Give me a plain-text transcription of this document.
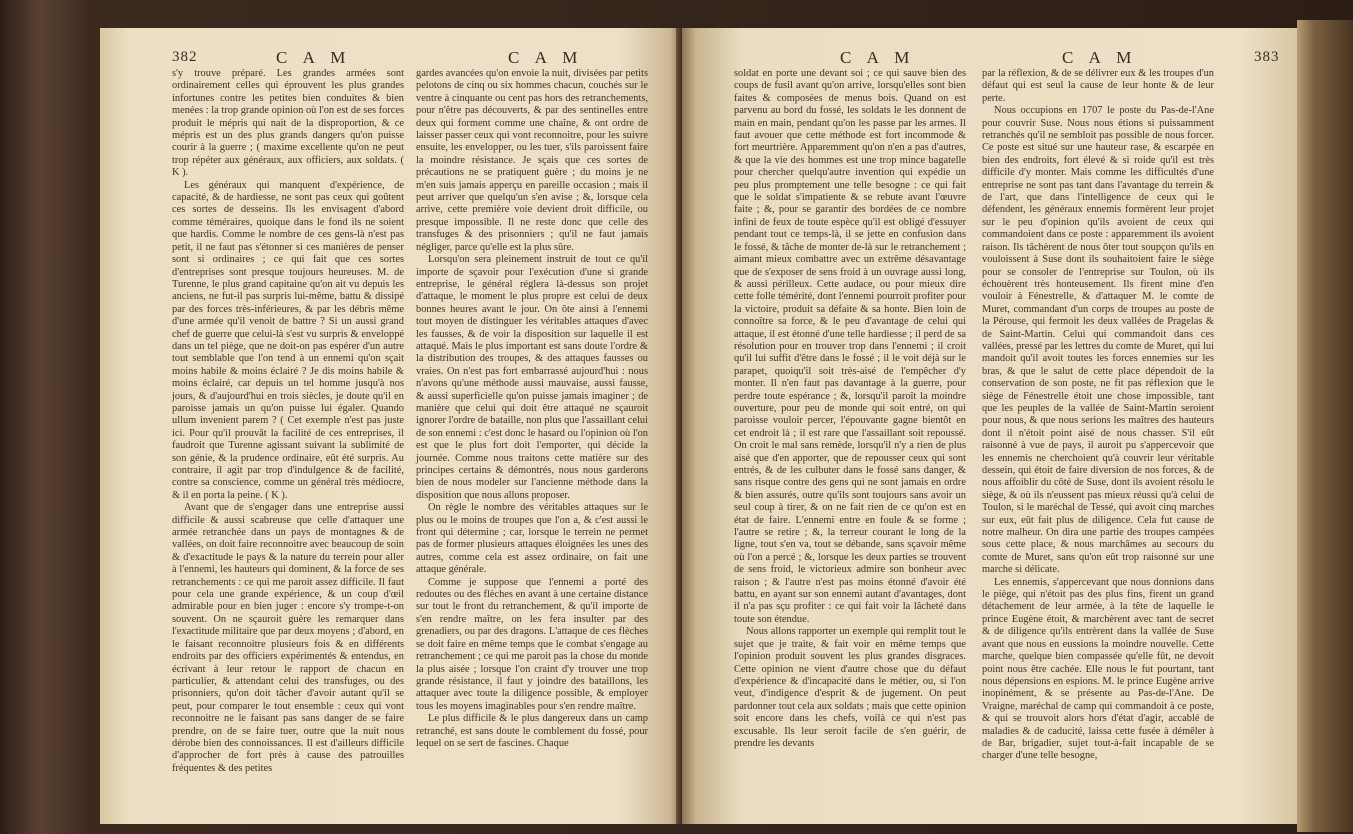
382	C A M	C A M

s'y trouve préparé. Les grandes armées sont ordinairement celles qui éprouvent les plus grandes infortunes contre les petites bien conduites & bien menées : la trop grande opinion où l'on est de ses forces produit le mépris qui nait de la disproportion, & ce mépris est un des plus grands dangers qu'on puisse courir à la guerre ; ( maxime excellente qu'on ne peut trop répéter aux généraux, aux officiers, aux soldats. ( K ).

Les généraux qui manquent d'expérience, de capacité, & de hardiesse, ne sont pas ceux qui goûtent ces sortes de desseins. Ils les envisagent d'abord comme téméraires, quoique dans le fond ils ne soient que hardis. Comme le nombre de ces gens-là n'est pas petit, il ne faut pas s'étonner si ces manières de penser sont si ordinaires ; ce qui fait que ces sortes d'entreprises sont presque toujours heureuses. M. de Turenne, le plus grand capitaine qu'on ait vu depuis les anciens, ne fut-il pas surpris lui-même, battu & dissipé par des forces très-inférieures, & par les débris même d'une armée qu'il venoit de battre ? Si un aussi grand chef de guerre que celui-là s'est vu surpris & enveloppé dans un tel piège, que ne doit-on pas espérer d'un autre tout semblable que l'on tend à un ennemi qu'on sçait moins habile & moins éclairé ? Je dis moins habile & moins éclairé, car depuis un tel homme jusqu'à nos jours, & d'aujourd'hui en trois siècles, je doute qu'il en paroisse jamais un qu'on puisse lui égaler. Quando ullum invenient parem ? ( Cet exemple n'est pas juste ici. Pour qu'il prouvât la facilité de ces entreprises, il faudroit que Turenne agissant suivant la sublimité de son génie, & la prudence ordinaire, eût été surpris. Au contraire, il agit par trop d'indulgence & de facilité, contre sa conscience, comme un général très médiocre, & il en porta la peine. ( K ).

Avant que de s'engager dans une entreprise aussi difficile & aussi scabreuse que celle d'attaquer une armée retranchée dans un pays de montagnes & de vallées, on doit faire reconnoitre avec beaucoup de soin & d'exactitude le pays & la nature du terrein pour aller à l'ennemi, les hauteurs qui dominent, & la force de ses retranchements : ce qui me paroit assez difficile. Il faut pour cela une grande expérience, & un coup d'œil admirable pour en bien juger : encore s'y trompe-t-on souvent. On ne sçauroit guère les remarquer dans l'exactitude militaire que par deux moyens ; d'abord, en le faisant reconnoitre plusieurs fois & en différents endroits par des officiers expérimentés & entendus, en écrivant à leur retour le rapport de chacun en particulier, & attendant celui des transfuges, ou des prisonniers, qu'on doit tâcher d'avoir autant qu'il se peut, pour comparer le tout ensemble : ceux qui vont reconnoitre ne le faisant pas sans danger de se faire prendre, on de se faire tuer, outre que la nuit nous dérobe bien des connoissances. Il est d'ailleurs difficile d'approcher de fort près à cause des patrouilles fréquentes & des petites

gardes avancées qu'on envoie la nuit, divisées par petits pelotons de cinq ou six hommes chacun, couchés sur le ventre à cinquante ou cent pas hors des retranchements, pour n'être pas découverts, & par des sentinelles entre deux qui forment comme une chaîne, & ont ordre de laisser passer ceux qui vont reconnoitre, pour les suivre ensuite, les envelopper, ou les tuer, s'ils paroissent faire la moindre résistance. Je sçais que ces sortes de précautions ne se pratiquent guère ; du moins je ne m'en suis jamais apperçu en pareille occasion ; mais il peut arriver que quelqu'un s'en avise ; &, lorsque cela arrive, cette première voie devient droit difficile, ou presque impossible. Il ne reste donc que celle des transfuges & des prisonniers ; qu'il ne faut jamais négliger, parce qu'elle est la plus sûre.

Lorsqu'on sera pleinement instruit de tout ce qu'il importe de sçavoir pour l'exécution d'une si grande entreprise, le général réglera là-dessus son projet d'attaque, le moment le plus propre est celui de deux bonnes heures avant le jour. On ôte ainsi à l'ennemi tout moyen de distinguer les véritables attaques d'avec les fausses, & de voir la disposition sur laquelle il est attaqué. Mais le plus important est sans doute l'ordre & la distribution des troupes, & des attaques fausses ou vraies. On n'est pas fort embarrassé aujourd'hui : nous n'avons qu'une méthode aussi mauvaise, aussi fausse, & aussi superficielle qu'on puisse jamais imaginer ; de manière que celui qui doit être attaqué ne sçauroit ignorer l'ordre de bataille, non plus que l'assaillant celui de son ennemi : c'est donc le hasard ou l'opinion où l'on est que le plus fort doit l'emporter, qui décide la journée. Comme nous traitons cette matière sur des principes certains & démontrés, nous nous garderons bien de nous modeler sur l'ancienne méthode dans la disposition que nous allons proposer.

On règle le nombre des véritables attaques sur le plus ou le moins de troupes que l'on a, & c'est aussi le front qui détermine ; car, lorsque le terrein ne permet pas de former plusieurs attaques éloignées les unes des autres, comme cela est assez ordinaire, on fait une attaque générale.

Comme je suppose que l'ennemi a porté des redoutes ou des flèches en avant à une certaine distance sur tout le front du retranchement, & qu'il importe de s'en rendre maître, on les fera insulter par des grenadiers, ou par des dragons. L'attaque de ces flèches se doit faire en même temps que le combat s'engage au retranchement ; ce qui me paroit pas la chose du monde la plus aisée ; lorsque l'on craint d'y trouver une trop grande résistance, il faut y joindre des bataillons, les attaquer avec toute la diligence possible, & employer tous les moyens imaginables pour s'en rendre maître.

Le plus difficile & le plus dangereux dans un camp retranché, est sans doute le comblement du fossé, pour lequel on se sert de fascines. Chaque

C A M	C A M	383

soldat en porte une devant soi ; ce qui sauve bien des coups de fusil avant qu'on arrive, lorsqu'elles sont bien faites & composées de menus bois. Quand on est parvenu au bord du fossé, les soldats le les donnent de main en main, pendant qu'on les passe par les armes. Il faut avouer que cette méthode est fort incommode & fort meurtrière. Apparemment qu'on n'en a pas d'autres, & que la vie des hommes est une trop mince bagatelle pour chercher quelqu'autre invention qui expédie un peu plus promptement une telle besogne : ce qui fait que le soldat s'impatiente & se rebute avant l'œuvre faite ; &, pour se garantir des bordées de ce nombre infini de feux de toute espèce qu'il est obligé d'essuyer pendant tout ce temps-là, il se jette en confusion dans le fossé, & tâche de monter de-là sur le retranchement ; aimant mieux combattre avec un extrême désavantage que de s'exposer de sens froid à un ouvrage aussi long, & aussi périlleux. Cette audace, ou pour mieux dire cette folle témérité, dont l'ennemi pourroit profiter pour la victoire, produit sa défaite & sa honte. Bien loin de connoître sa force, & le peu d'avantage de celui qui attaque, il est étonné d'une telle hardiesse ; il perd de sa résolution pour en trouver trop dans l'ennemi ; il croit qu'il lui suffit d'être dans le fossé ; il le voit déjà sur le parapet, quoiqu'il soit très-aisé de l'empêcher d'y monter. Il n'en faut pas davantage à la guerre, pour perdre toute espérance ; &, lorsqu'il paroît la moindre ouverture, pour peu de monde qui soit entré, on qui paroisse vouloir percer, l'épouvante gagne bientôt en cet endroit là ; il est rare que l'assaillant soit repoussé. On croit le mal sans remède, lorsqu'il n'y a rien de plus aisé que d'en apporter, que de repousser ceux qui sont entrés, & de les culbuter dans le fossé sans danger, & sans risque contre des gens qui ne sont jamais en ordre & bien assurés, outre qu'ils sont toujours sans avoir un seul coup à tirer, & on ne fait rien de ce qu'on est en état de faire. L'ennemi entre en foule & se forme ; l'autre se retire ; &, la terreur courant le long de la ligne, tout s'en va, tout se débande, sans sçavoir même où l'on a percé ; &, lorsque les deux parties se trouvent de sens froid, le victorieux admire son bonheur avec raison ; & l'autre n'est pas moins étonné d'avoir été battu, en ayant sur son ennemi autant d'avantages, dont il n'a pas sçu profiter : ce qui fait voir la lâcheté dans toute son étendue.

Nous allons rapporter un exemple qui remplit tout le sujet que je traite, & fait voir en même temps que l'opinion produit souvent les plus grandes disgraces. Cette opinion ne vient d'autre chose que du défaut d'expérience & d'incapacité dans le métier, ou, si l'on veut, d'indigence d'esprit & de jugement. On peut pardonner tout cela aux soldats ; mais que cette opinion soit encore dans les chefs, voilà ce qui n'est pas excusable. Ils leur seroit facile de s'en guérir, de prendre les devants

par la réflexion, & de se délivrer eux & les troupes d'un défaut qui est seul la cause de leur honte & de leur perte.

Nous occupions en 1707 le poste du Pas-de-l'Ane pour couvrir Suse. Nous nous étions si puissamment retranchés qu'il ne sembloit pas possible de nous forcer. Ce poste est situé sur une hauteur rase, & escarpée en bien des endroits, fort élevé & si roide qu'il est très difficile d'y monter. Mais comme les difficultés d'une entreprise ne sont pas tant dans l'avantage du terrein & de l'art, que dans l'intelligence de ceux qui le défendent, les généraux ennemis formèrent leur projet sur le peu d'opinion qu'ils avoient de ceux qui commandoient dans ce poste : apparemment ils avoient raison. Ils tâchèrent de nous ôter tout soupçon qu'ils en vouloissent à Suse dont ils souhaitoient faire le siège pour se consoler de l'entreprise sur Toulon, où ils échouèrent très honteusement. Ils firent mine d'en vouloir à Fénestrelle, & d'attaquer M. le comte de Muret, commandant d'un corps de troupes au poste de la Pérouse, qui fermoit les deux vallées de Pragelas & de Saint-Martin. Celui qui commandoit dans ces vallées, pressé par les lettres du comte de Muret, qui lui mandoit qu'il avoit toutes les forces ennemies sur les bras, & que le salut de cette place dépendoit de la conservation de son poste, ne fit pas réflexion que le siège de Fénestrelle étoit une chose impossible, tant que les peuples de la vallée de Saint-Martin seroient pour nous, & que nous serions les maîtres des hauteurs dont il n'étoit point aisé de nous chasser. S'il eût raisonné à vue de pays, il auroit pu s'appercevoir que les ennemis ne cherchoient qu'à couvrir leur véritable dessein, qui étoit de faire diversion de nos forces, & de nous affoiblir du côté de Suse, dont ils avoient résolu le siège, & où ils n'eussent pas mieux réussi qu'à celui de Toulon, si le maréchal de Tessé, qui avoit cinq marches sur eux, eût fait plus de diligence. Cela fut cause de notre malheur. On dira une partie des troupes campées sous cette place, & nous marchâmes au secours du comte de Muret, sans qu'on eût trop raisonné sur une marche si délicate.

Les ennemis, s'appercevant que nous donnions dans le piège, qui n'étoit pas des plus fins, firent un grand détachement de leur armée, à la tête de laquelle le prince Eugène étoit, & marchèrent avec tant de secret & de diligence qu'ils entrèrent dans la vallée de Suse avant que nous en eussions la moindre nouvelle. Cette marche, quelque bien compassée qu'elle fût, ne devoit point nous être cachée. Elle nous le fut pourtant, tant nous dépensions en espions. M. le prince Eugène arrive inopinément, & se présente au Pas-de-l'Ane. De Vraigne, maréchal de camp qui commandoit à ce poste, & qui se trouvoit alors hors d'état d'agir, accablé de maladies & de caducité, laissa cette fusée à démêler à de Bar, brigadier, sujet tout-à-fait incapable de se charger d'une telle besogne,
